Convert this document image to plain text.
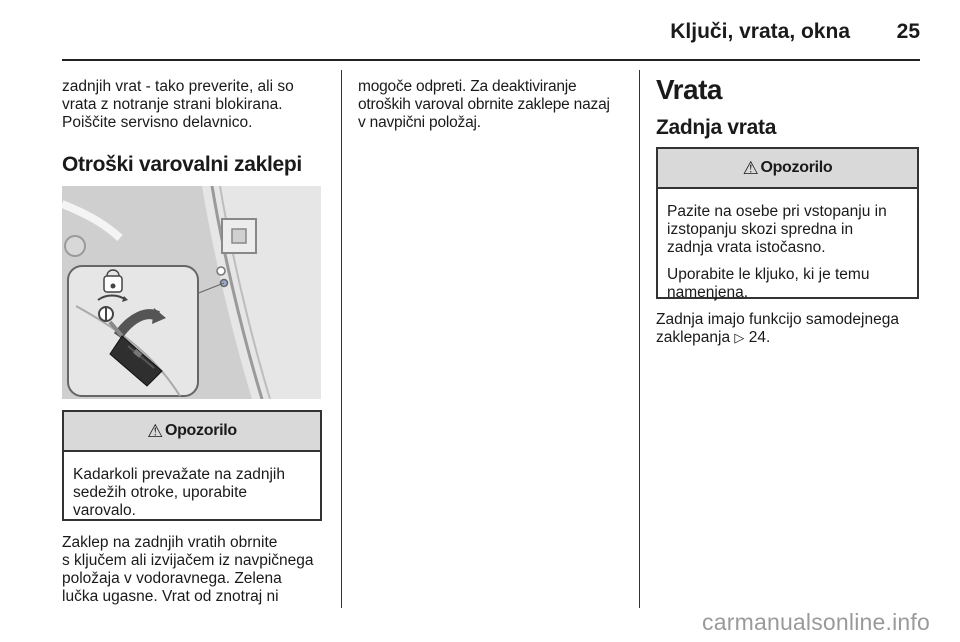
Ključi, vrata, okna	25

zadnjih vrat - tako preverite, ali so
vrata z notranje strani blokirana.
Poiščite servisno delavnico.

Otroški varovalni zaklepi
⚠ Opozorilo

Kadarkoli prevažate na zadnjih
sedežih otroke, uporabite
varovalo.

Zaklep na zadnjih vratih obrnite
s ključem ali izvijačem iz navpičnega
položaja v vodoravnega. Zelena
lučka ugasne. Vrat od znotraj ni

mogoče odpreti. Za deaktiviranje
otroških varoval obrnite zaklepe nazaj
v navpični položaj.

Vrata
Zadnja vrata
⚠ Opozorilo

Pazite na osebe pri vstopanju in
izstopanju skozi spredna in
zadnja vrata istočasno.

Uporabite le kljuko, ki je temu
namenjena.

Zadnja imajo funkcijo samodejnega
zaklepanja ▷ 24.

carmanualsonline.info
